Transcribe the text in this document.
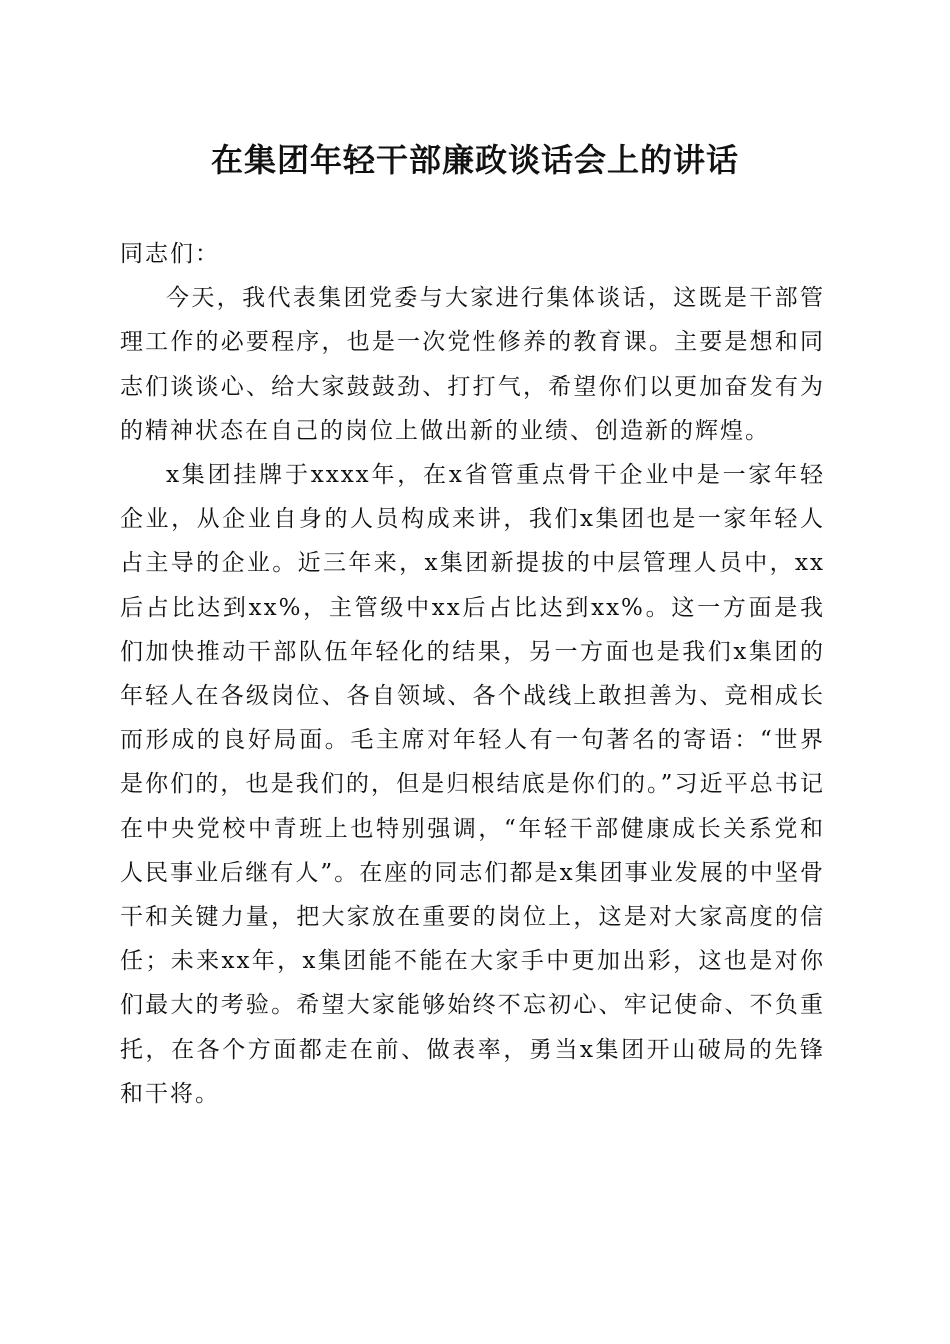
在集团年轻干部廉政谈话会上的讲话

同志们：

今天，我代表集团党委与大家进行集体谈话，这既是干部管理工作的必要程序，也是一次党性修养的教育课。主要是想和同志们谈谈心、给大家鼓鼓劲、打打气，希望你们以更加奋发有为的精神状态在自己的岗位上做出新的业绩、创造新的辉煌。

x集团挂牌于xxxx年，在x省管重点骨干企业中是一家年轻企业，从企业自身的人员构成来讲，我们x集团也是一家年轻人占主导的企业。近三年来，x集团新提拔的中层管理人员中，xx后占比达到xx%，主管级中xx后占比达到xx%。这一方面是我们加快推动干部队伍年轻化的结果，另一方面也是我们x集团的年轻人在各级岗位、各自领域、各个战线上敢担善为、竞相成长而形成的良好局面。毛主席对年轻人有一句著名的寄语：“世界是你们的，也是我们的，但是归根结底是你们的。”习近平总书记在中央党校中青班上也特别强调，“年轻干部健康成长关系党和人民事业后继有人”。在座的同志们都是x集团事业发展的中坚骨干和关键力量，把大家放在重要的岗位上，这是对大家高度的信任；未来xx年，x集团能不能在大家手中更加出彩，这也是对你们最大的考验。希望大家能够始终不忘初心、牢记使命、不负重托，在各个方面都走在前、做表率，勇当x集团开山破局的先锋和干将。
